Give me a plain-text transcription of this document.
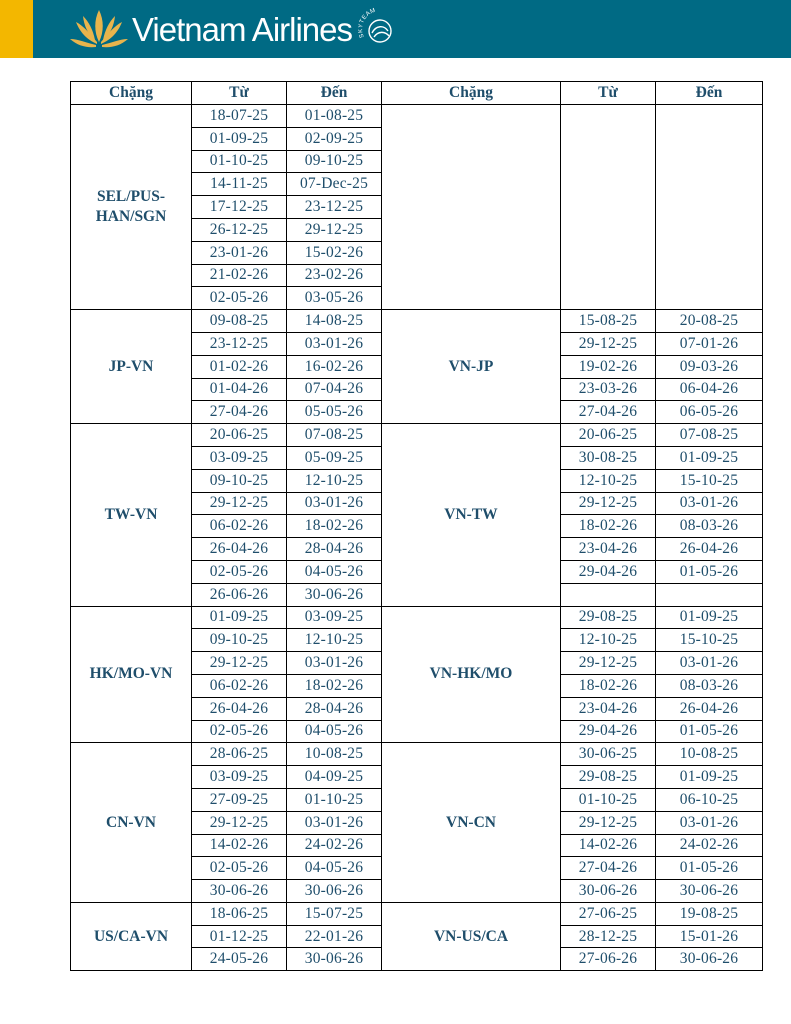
Vietnam Airlines SKYTEAM
Chặng	Từ	Đến	Chặng	Từ	Đến
SEL/PUS-HAN/SGN	18-07-25	01-08-25			
	01-09-25	02-09-25			
	01-10-25	09-10-25			
	14-11-25	07-Dec-25			
	17-12-25	23-12-25			
	26-12-25	29-12-25			
	23-01-26	15-02-26			
	21-02-26	23-02-26			
	02-05-26	03-05-26			
JP-VN	09-08-25	14-08-25	VN-JP	15-08-25	20-08-25
	23-12-25	03-01-26		29-12-25	07-01-26
	01-02-26	16-02-26		19-02-26	09-03-26
	01-04-26	07-04-26		23-03-26	06-04-26
	27-04-26	05-05-26		27-04-26	06-05-26
TW-VN	20-06-25	07-08-25	VN-TW	20-06-25	07-08-25
	03-09-25	05-09-25		30-08-25	01-09-25
	09-10-25	12-10-25		12-10-25	15-10-25
	29-12-25	03-01-26		29-12-25	03-01-26
	06-02-26	18-02-26		18-02-26	08-03-26
	26-04-26	28-04-26		23-04-26	26-04-26
	02-05-26	04-05-26		29-04-26	01-05-26
	26-06-26	30-06-26			
HK/MO-VN	01-09-25	03-09-25	VN-HK/MO	29-08-25	01-09-25
	09-10-25	12-10-25		12-10-25	15-10-25
	29-12-25	03-01-26		29-12-25	03-01-26
	06-02-26	18-02-26		18-02-26	08-03-26
	26-04-26	28-04-26		23-04-26	26-04-26
	02-05-26	04-05-26		29-04-26	01-05-26
CN-VN	28-06-25	10-08-25	VN-CN	30-06-25	10-08-25
	03-09-25	04-09-25		29-08-25	01-09-25
	27-09-25	01-10-25		01-10-25	06-10-25
	29-12-25	03-01-26		29-12-25	03-01-26
	14-02-26	24-02-26		14-02-26	24-02-26
	02-05-26	04-05-26		27-04-26	01-05-26
	30-06-26	30-06-26		30-06-26	30-06-26
US/CA-VN	18-06-25	15-07-25	VN-US/CA	27-06-25	19-08-25
	01-12-25	22-01-26		28-12-25	15-01-26
	24-05-26	30-06-26		27-06-26	30-06-26
